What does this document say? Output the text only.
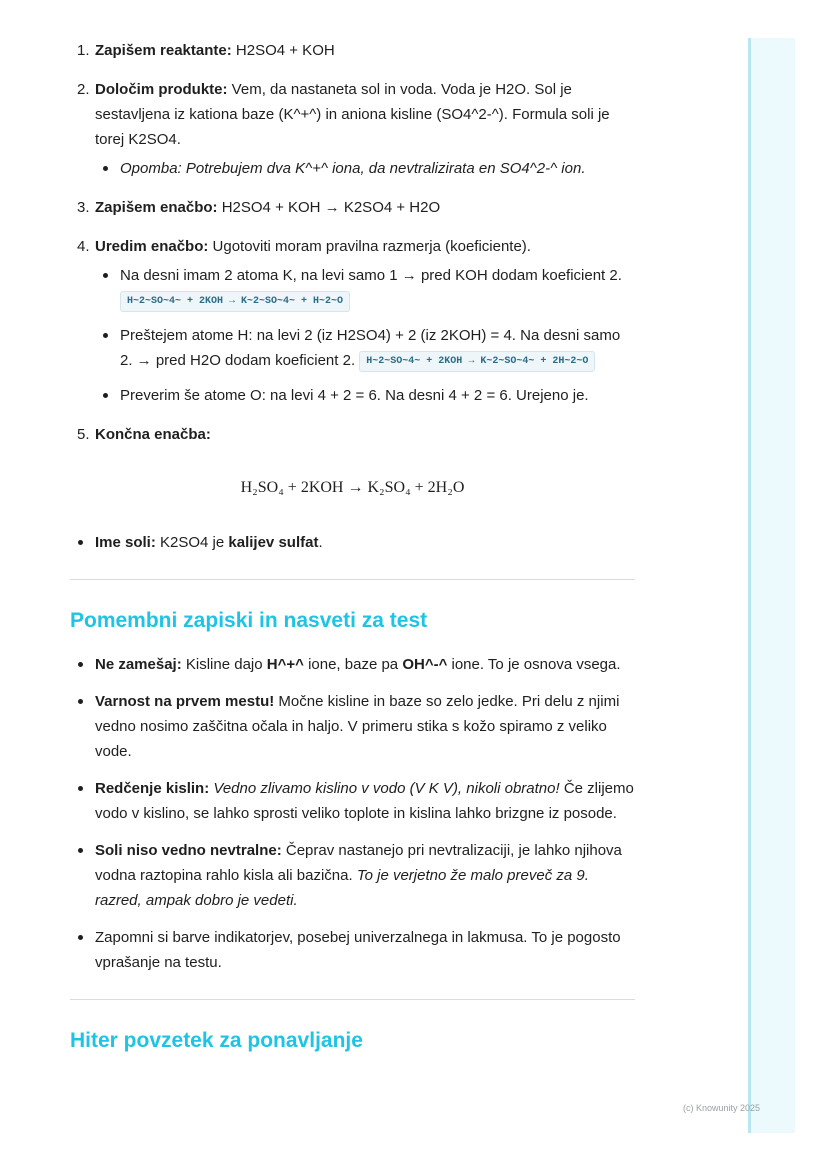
1. Zapišem reaktante: H2SO4 + KOH
2. Določim produkte: Vem, da nastaneta sol in voda. Voda je H2O. Sol je sestavljena iz kationa baze (K^+^) in aniona kisline (SO4^2-^). Formula soli je torej K2SO4.
Opomba: Potrebujem dva K^+^ iona, da nevtralizirata en SO4^2-^ ion.
3. Zapišem enačbo: H2SO4 + KOH → K2SO4 + H2O
4. Uredim enačbo: Ugotoviti moram pravilna razmerja (koeficiente).
Na desni imam 2 atoma K, na levi samo 1 → pred KOH dodam koeficient 2. H~2~SO~4~ + 2KOH → K~2~SO~4~ + H~2~O
Preštejem atome H: na levi 2 (iz H2SO4) + 2 (iz 2KOH) = 4. Na desni samo 2. → pred H2O dodam koeficient 2. H~2~SO~4~ + 2KOH → K~2~SO~4~ + 2H~2~O
Preverim še atome O: na levi 4 + 2 = 6. Na desni 4 + 2 = 6. Urejeno je.
5. Končna enačba:
H₂SO₄ + 2KOH → K₂SO₄ + 2H₂O
Ime soli: K2SO4 je kalijev sulfat.
Pomembni zapiski in nasveti za test
Ne zamešaj: Kisline dajo H^+^ ione, baze pa OH^-^ ione. To je osnova vsega.
Varnost na prvem mestu! Močne kisline in baze so zelo jedke. Pri delu z njimi vedno nosimo zaščitna očala in haljo. V primeru stika s kožo spiramo z veliko vode.
Redčenje kislin: Vedno zlivamo kislino v vodo (V K V), nikoli obratno! Če zlijemo vodo v kislino, se lahko sprosti veliko toplote in kislina lahko brizgne iz posode.
Soli niso vedno nevtralne: Čeprav nastanejo pri nevtralizaciji, je lahko njihova vodna raztopina rahlo kisla ali bazična. To je verjetno že malo preveč za 9. razred, ampak dobro je vedeti.
Zapomni si barve indikatorjev, posebej univerzalnega in lakmusa. To je pogosto vprašanje na testu.
Hiter povzetek za ponavljanje
(c) Knowunity 2025
